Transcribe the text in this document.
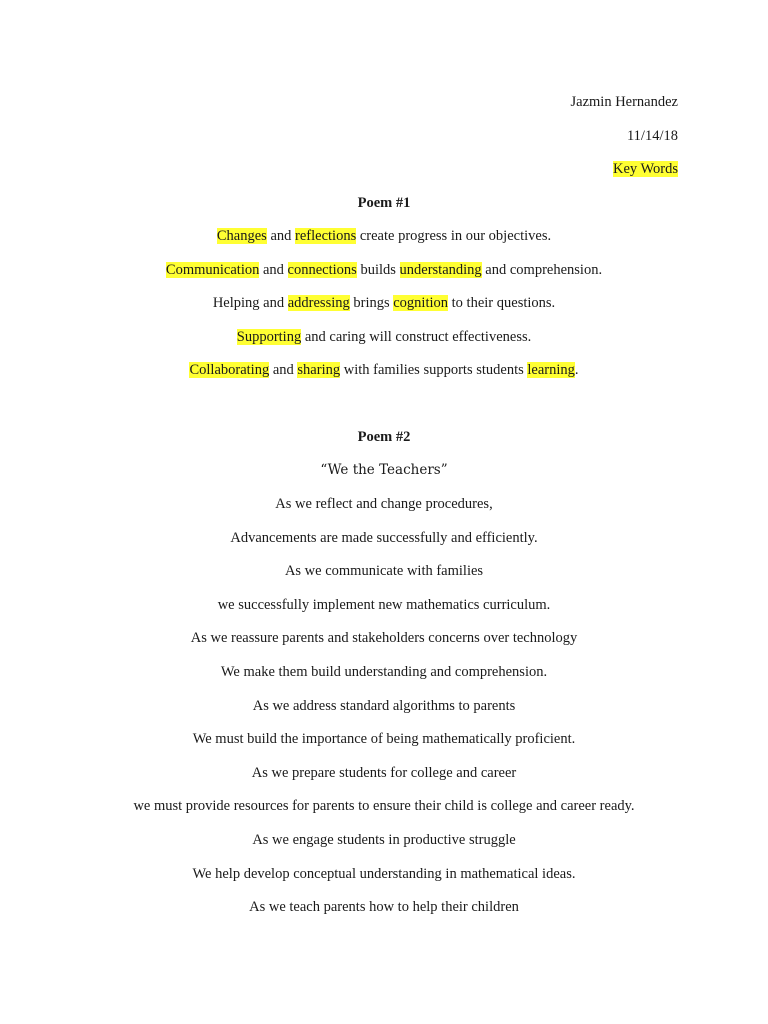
Jazmin Hernandez
11/14/18
Key Words
Poem #1
Changes and reflections create progress in our objectives.
Communication and connections builds understanding and comprehension.
Helping and addressing brings cognition to their questions.
Supporting and caring will construct effectiveness.
Collaborating and sharing with families supports students learning.
Poem #2
“We the Teachers”
As we reflect and change procedures,
Advancements are made successfully and efficiently.
As we communicate with families
we successfully implement new mathematics curriculum.
As we reassure parents and stakeholders concerns over technology
We make them build understanding and comprehension.
As we address standard algorithms to parents
We must build the importance of being mathematically proficient.
As we prepare students for college and career
we must provide resources for parents to ensure their child is college and career ready.
As we engage students in productive struggle
We help develop conceptual understanding in mathematical ideas.
As we teach parents how to help their children
